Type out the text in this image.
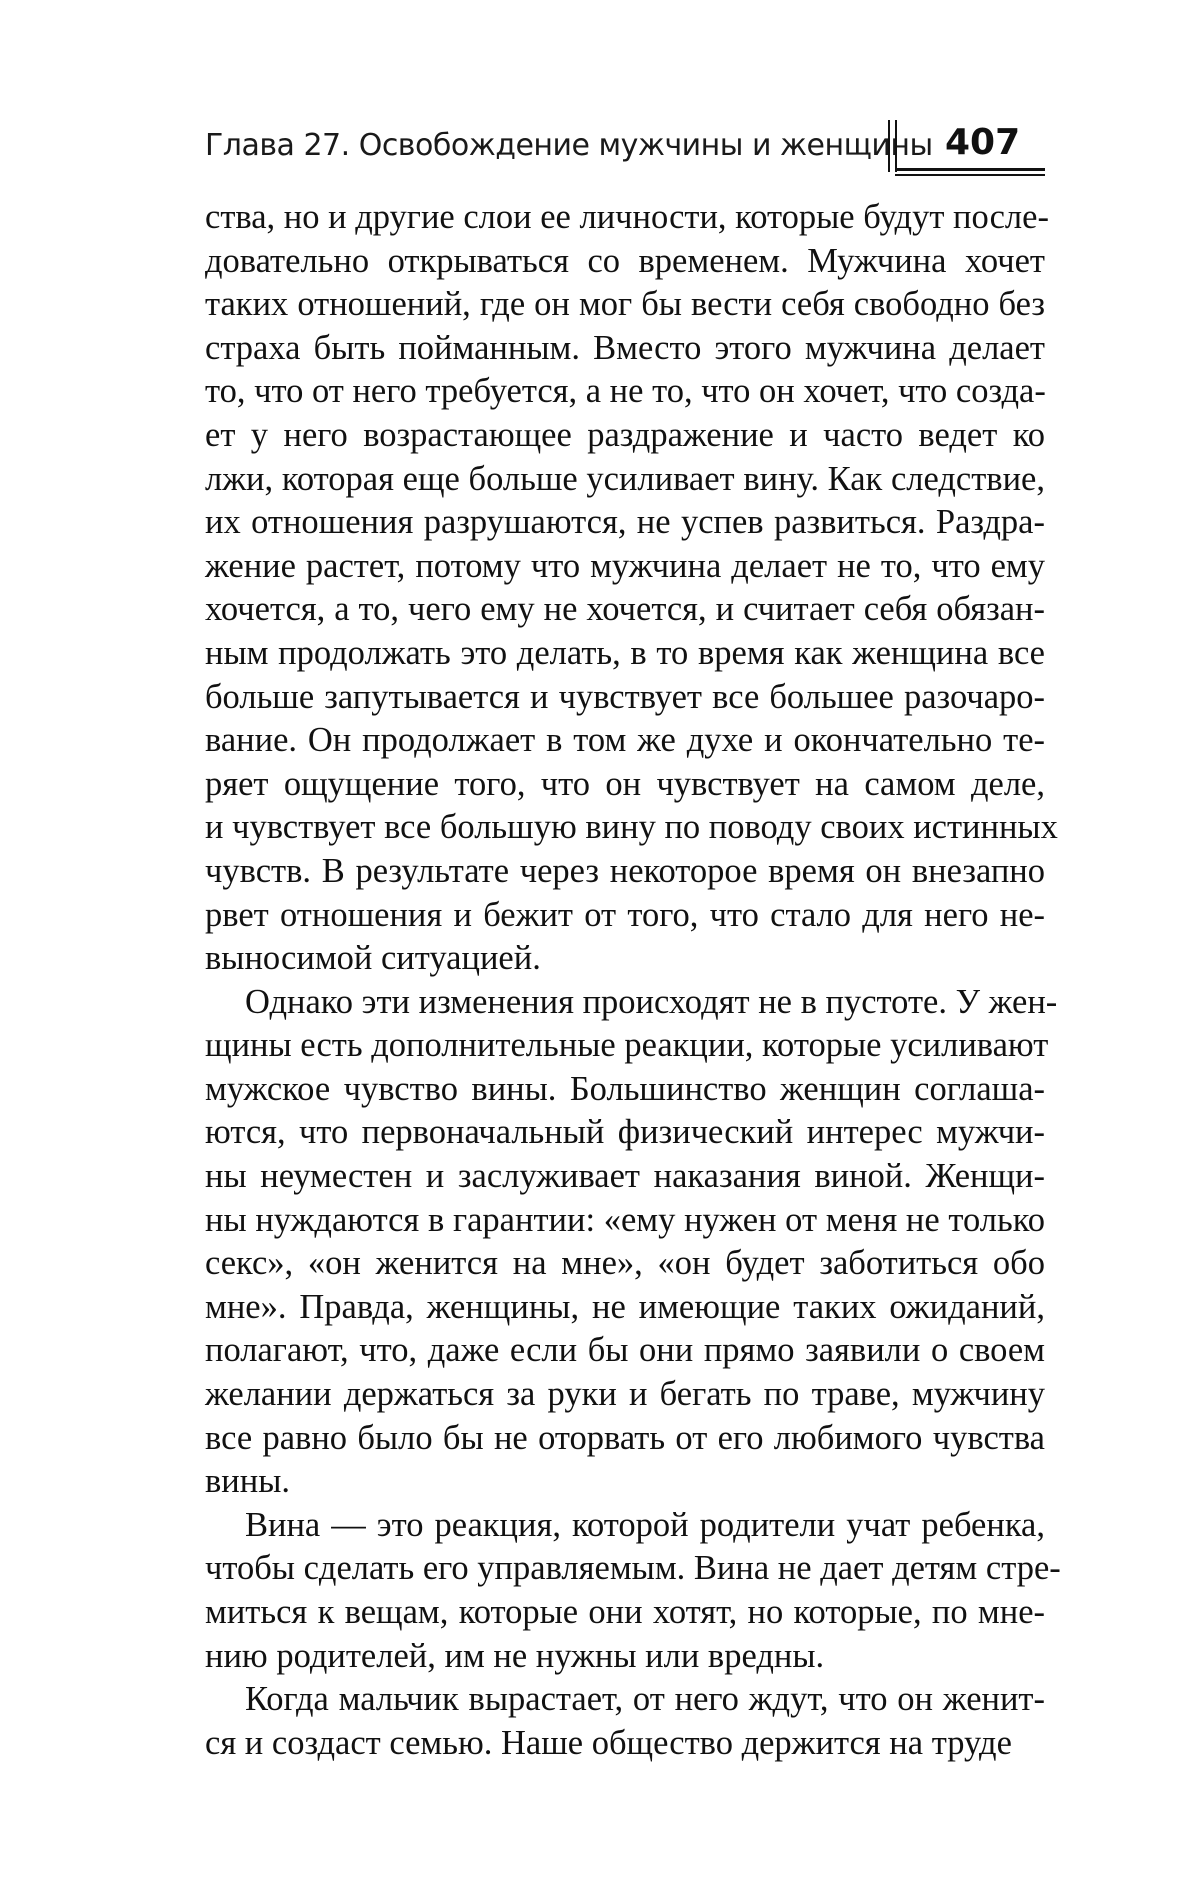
Глава 27. Освобождение мужчины и женщины 407
ства, но и другие слои ее личности, которые будут после-
довательно открываться со временем. Мужчина хочет
таких отношений, где он мог бы вести себя свободно без
страха быть пойманным. Вместо этого мужчина делает
то, что от него требуется, а не то, что он хочет, что созда-
ет у него возрастающее раздражение и часто ведет ко
лжи, которая еще больше усиливает вину. Как следствие,
их отношения разрушаются, не успев развиться. Раздра-
жение растет, потому что мужчина делает не то, что ему
хочется, а то, чего ему не хочется, и считает себя обязан-
ным продолжать это делать, в то время как женщина все
больше запутывается и чувствует все большее разочаро-
вание. Он продолжает в том же духе и окончательно те-
ряет ощущение того, что он чувствует на самом деле,
и чувствует все большую вину по поводу своих истинных
чувств. В результате через некоторое время он внезапно
рвет отношения и бежит от того, что стало для него не-
выносимой ситуацией.
Однако эти изменения происходят не в пустоте. У жен-
щины есть дополнительные реакции, которые усиливают
мужское чувство вины. Большинство женщин соглаша-
ются, что первоначальный физический интерес мужчи-
ны неуместен и заслуживает наказания виной. Женщи-
ны нуждаются в гарантии: «ему нужен от меня не только
секс», «он женится на мне», «он будет заботиться обо
мне». Правда, женщины, не имеющие таких ожиданий,
полагают, что, даже если бы они прямо заявили о своем
желании держаться за руки и бегать по траве, мужчину
все равно было бы не оторвать от его любимого чувства
вины.
Вина — это реакция, которой родители учат ребенка,
чтобы сделать его управляемым. Вина не дает детям стре-
миться к вещам, которые они хотят, но которые, по мне-
нию родителей, им не нужны или вредны.
Когда мальчик вырастает, от него ждут, что он женит-
ся и создаст семью. Наше общество держится на труде
